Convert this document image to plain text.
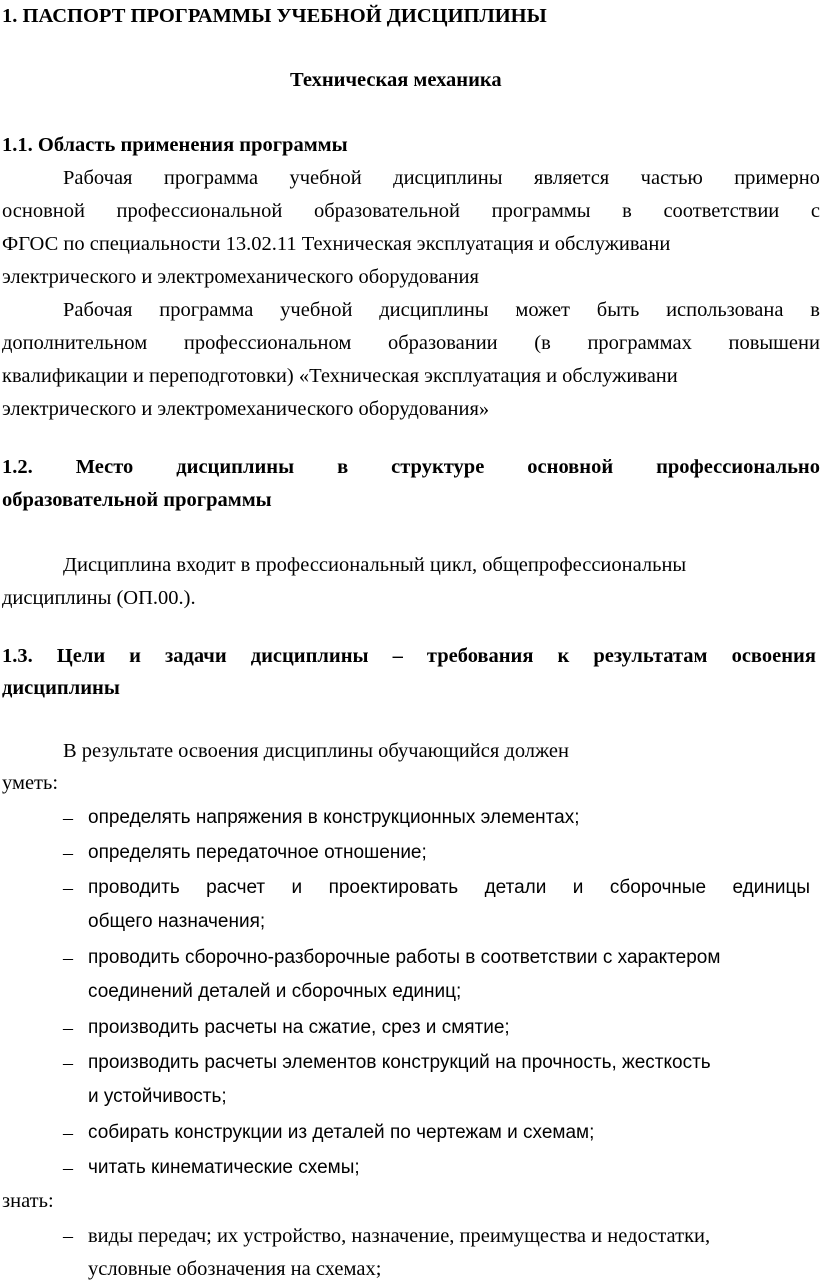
1. ПАСПОРТ ПРОГРАММЫ УЧЕБНОЙ ДИСЦИПЛИНЫ
Техническая механика
1.1. Область применения программы
Рабочая программа учебной дисциплины является частью примерно
основной профессиональной образовательной программы в соответствии с
ФГОС по специальности 13.02.11 Техническая эксплуатация и обслуживани
электрического и электромеханического оборудования
Рабочая программа учебной дисциплины может быть использована в
дополнительном профессиональном образовании (в программах повышени
квалификации и переподготовки) «Техническая эксплуатация и обслуживани
электрического и электромеханического оборудования»
1.2. Место дисциплины в структуре основной профессионально
образовательной программы
Дисциплина входит в профессиональный цикл, общепрофессиональны
дисциплины (ОП.00.).
1.3. Цели и задачи дисциплины – требования к результатам освоения
дисциплины
В результате освоения дисциплины обучающийся должен
уметь:
– определять напряжения в конструкционных элементах;
– определять передаточное отношение;
– проводить расчет и проектировать детали и сборочные единицы
общего назначения;
– проводить сборочно-разборочные работы в соответствии с характером
соединений деталей и сборочных единиц;
– производить расчеты на сжатие, срез и смятие;
– производить расчеты элементов конструкций на прочность, жесткость
и устойчивость;
– собирать конструкции из деталей по чертежам и схемам;
– читать кинематические схемы;
знать:
– виды передач; их устройство, назначение, преимущества и недостатки,
условные обозначения на схемах;
